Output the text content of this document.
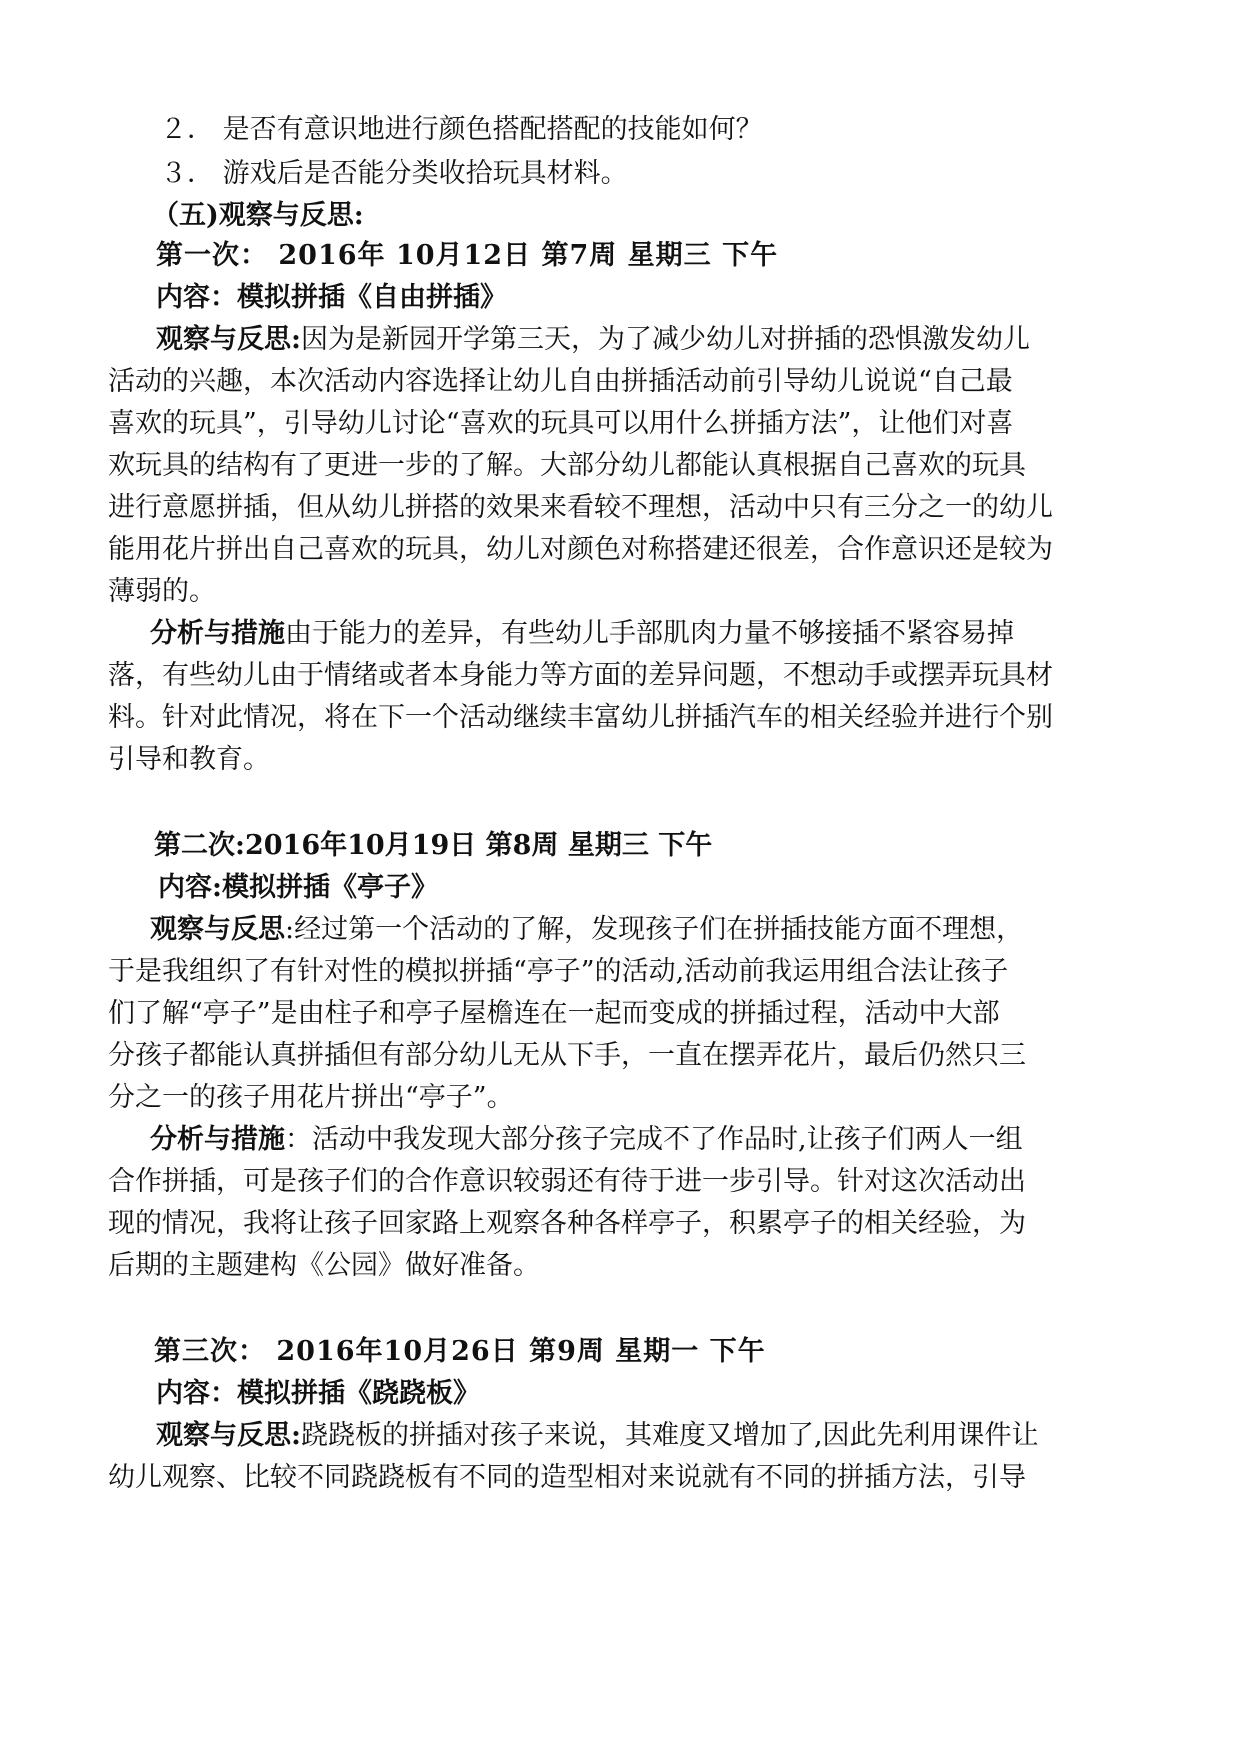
２． 是否有意识地进行颜色搭配搭配的技能如何？
３． 游戏后是否能分类收拾玩具材料。
（五)观察与反思:
第一次： 2016年 10月12日 第7周 星期三 下午
内容：模拟拼插《自由拼插》
观察与反思:因为是新园开学第三天，为了减少幼儿对拼插的恐惧激发幼儿
活动的兴趣，本次活动内容选择让幼儿自由拼插活动前引导幼儿说说“自己最
喜欢的玩具”，引导幼儿讨论“喜欢的玩具可以用什么拼插方法”，让他们对喜
欢玩具的结构有了更进一步的了解。大部分幼儿都能认真根据自己喜欢的玩具
进行意愿拼插，但从幼儿拼搭的效果来看较不理想，活动中只有三分之一的幼儿
能用花片拼出自己喜欢的玩具，幼儿对颜色对称搭建还很差，合作意识还是较为
薄弱的。
分析与措施由于能力的差异，有些幼儿手部肌肉力量不够接插不紧容易掉
落，有些幼儿由于情绪或者本身能力等方面的差异问题，不想动手或摆弄玩具材
料。针对此情况，将在下一个活动继续丰富幼儿拼插汽车的相关经验并进行个别
引导和教育。
第二次:2016年10月19日 第8周 星期三 下午
内容:模拟拼插《亭子》
观察与反思:经过第一个活动的了解，发现孩子们在拼插技能方面不理想，
于是我组织了有针对性的模拟拼插“亭子”的活动,活动前我运用组合法让孩子
们了解“亭子”是由柱子和亭子屋檐连在一起而变成的拼插过程，活动中大部
分孩子都能认真拼插但有部分幼儿无从下手，一直在摆弄花片，最后仍然只三
分之一的孩子用花片拼出“亭子”。
分析与措施：活动中我发现大部分孩子完成不了作品时,让孩子们两人一组
合作拼插，可是孩子们的合作意识较弱还有待于进一步引导。针对这次活动出
现的情况，我将让孩子回家路上观察各种各样亭子，积累亭子的相关经验，为
后期的主题建构《公园》做好准备。
第三次： 2016年10月26日 第9周 星期一 下午
内容：模拟拼插《跷跷板》
观察与反思:跷跷板的拼插对孩子来说，其难度又增加了,因此先利用课件让
幼儿观察、比较不同跷跷板有不同的造型相对来说就有不同的拼插方法，引导
